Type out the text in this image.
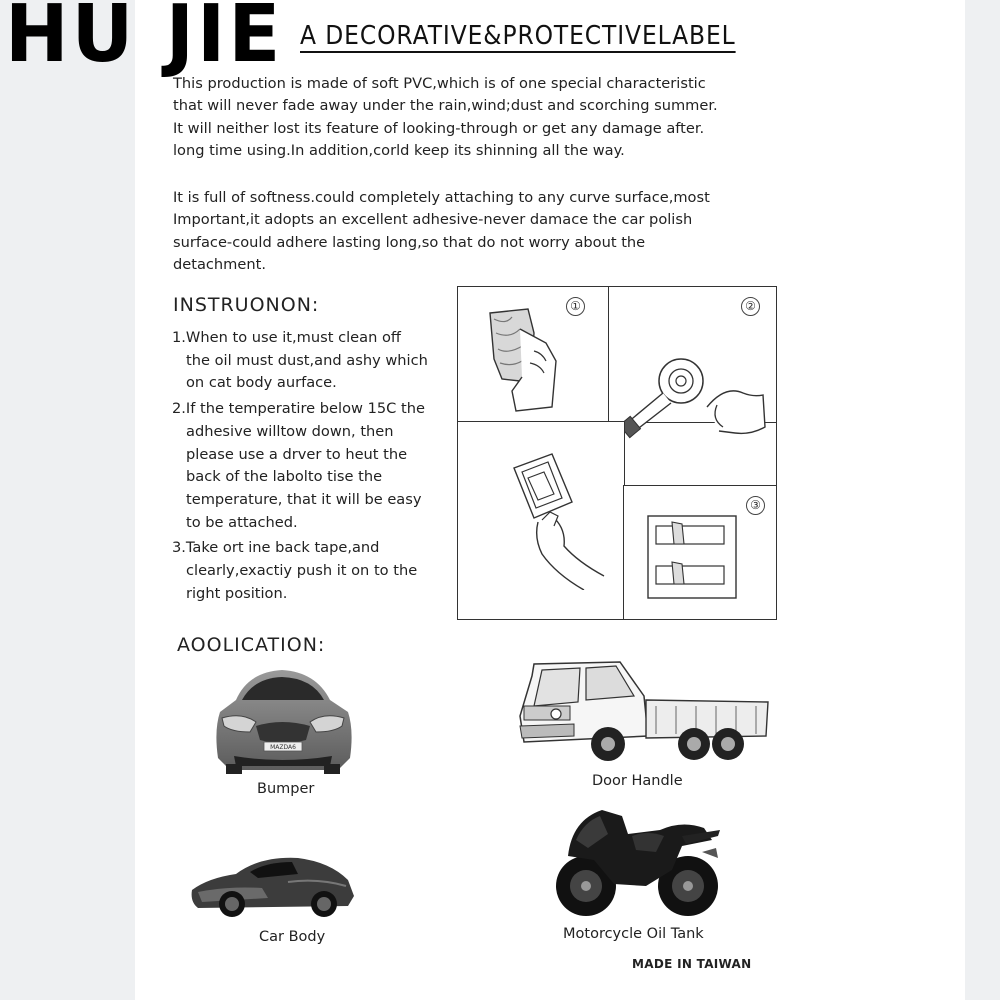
HU JIE A DECORATIVE&PROTECTIVELABEL

This production is made of soft PVC,which is of one special characteristic

that will never fade away under the rain,wind;dust and scorching summer.

It will neither lost its feature of looking-through or get any damage after.

long time using.In addition,corld keep its shinning all the way.

It is full of softness.could completely attaching to any curve surface,most

Important,it adopts an excellent adhesive-never damace the car polish

surface-could adhere lasting long,so that do not worry about the

detachment.

INSTRUONON:
1.When to use it,must clean off
the oil must dust,and ashy which
on cat body aurface.
2.If the temperatire below 15C the
adhesive willtow down, then
please use a drver to heut the
back of the labolto tise the
temperature, that it will be easy
to be attached.
3.Take ort ine back tape,and
clearly,exactiy push it on to the
right position.
①	②
③
AOOLICATION:
MAZDA6
Bumper	Door Handle
Car Body	Motorcycle Oil Tank
MADE IN TAIWAN
